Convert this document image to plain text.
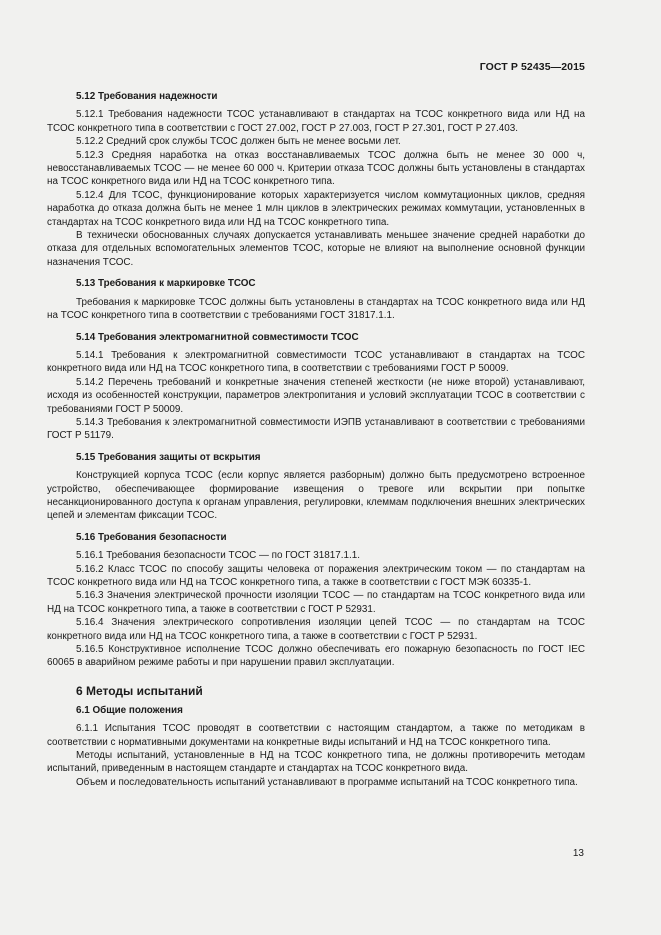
ГОСТ Р 52435—2015
5.12 Требования надежности

5.12.1 Требования надежности ТСОС устанавливают в стандартах на ТСОС конкретного вида или НД на ТСОС конкретного типа в соответствии с ГОСТ 27.002, ГОСТ Р 27.003, ГОСТ Р 27.301, ГОСТ Р 27.403.

5.12.2 Средний срок службы ТСОС должен быть не менее восьми лет.

5.12.3 Средняя наработка на отказ восстанавливаемых ТСОС должна быть не менее 30 000 ч, невосстанавливаемых ТСОС — не менее 60 000 ч. Критерии отказа ТСОС должны быть установлены в стандартах на ТСОС конкретного вида или НД на ТСОС конкретного типа.

5.12.4 Для ТСОС, функционирование которых характеризуется числом коммутационных циклов, средняя наработка до отказа должна быть не менее 1 млн циклов в электрических режимах коммутации, установленных в стандартах на ТСОС конкретного вида или НД на ТСОС конкретного типа.

В технически обоснованных случаях допускается устанавливать меньшее значение средней наработки до отказа для отдельных вспомогательных элементов ТСОС, которые не влияют на выполнение основной функции назначения ТСОС.

5.13 Требования к маркировке ТСОС

Требования к маркировке ТСОС должны быть установлены в стандартах на ТСОС конкретного вида или НД на ТСОС конкретного типа в соответствии с требованиями ГОСТ 31817.1.1.

5.14 Требования электромагнитной совместимости ТСОС

5.14.1 Требования к электромагнитной совместимости ТСОС устанавливают в стандартах на ТСОС конкретного вида или НД на ТСОС конкретного типа, в соответствии с требованиями ГОСТ Р 50009.

5.14.2 Перечень требований и конкретные значения степеней жесткости (не ниже второй) устанавливают, исходя из особенностей конструкции, параметров электропитания и условий эксплуатации ТСОС в соответствии с требованиями ГОСТ Р 50009.

5.14.3 Требования к электромагнитной совместимости ИЭПВ устанавливают в соответствии с требованиями ГОСТ Р 51179.

5.15 Требования защиты от вскрытия

Конструкцией корпуса ТСОС (если корпус является разборным) должно быть предусмотрено встроенное устройство, обеспечивающее формирование извещения о тревоге или вскрытии при попытке несанкционированного доступа к органам управления, регулировки, клеммам подключения внешних электрических цепей и элементам фиксации ТСОС.

5.16 Требования безопасности

5.16.1 Требования безопасности ТСОС — по ГОСТ 31817.1.1.

5.16.2 Класс ТСОС по способу защиты человека от поражения электрическим током — по стандартам на ТСОС конкретного вида или НД на ТСОС конкретного типа, а также в соответствии с ГОСТ МЭК 60335-1.

5.16.3 Значения электрической прочности изоляции ТСОС — по стандартам на ТСОС конкретного вида или НД на ТСОС конкретного типа, а также в соответствии с ГОСТ Р 52931.

5.16.4 Значения электрического сопротивления изоляции цепей ТСОС — по стандартам на ТСОС конкретного вида или НД на ТСОС конкретного типа, а также в соответствии с ГОСТ Р 52931.

5.16.5 Конструктивное исполнение ТСОС должно обеспечивать его пожарную безопасность по ГОСТ IEC 60065 в аварийном режиме работы и при нарушении правил эксплуатации.

6 Методы испытаний
6.1 Общие положения

6.1.1 Испытания ТСОС проводят в соответствии с настоящим стандартом, а также по методикам в соответствии с нормативными документами на конкретные виды испытаний и НД на ТСОС конкретного типа.

Методы испытаний, установленные в НД на ТСОС конкретного типа, не должны противоречить методам испытаний, приведенным в настоящем стандарте и стандартах на ТСОС конкретного вида.

Объем и последовательность испытаний устанавливают в программе испытаний на ТСОС конкретного типа.

13
